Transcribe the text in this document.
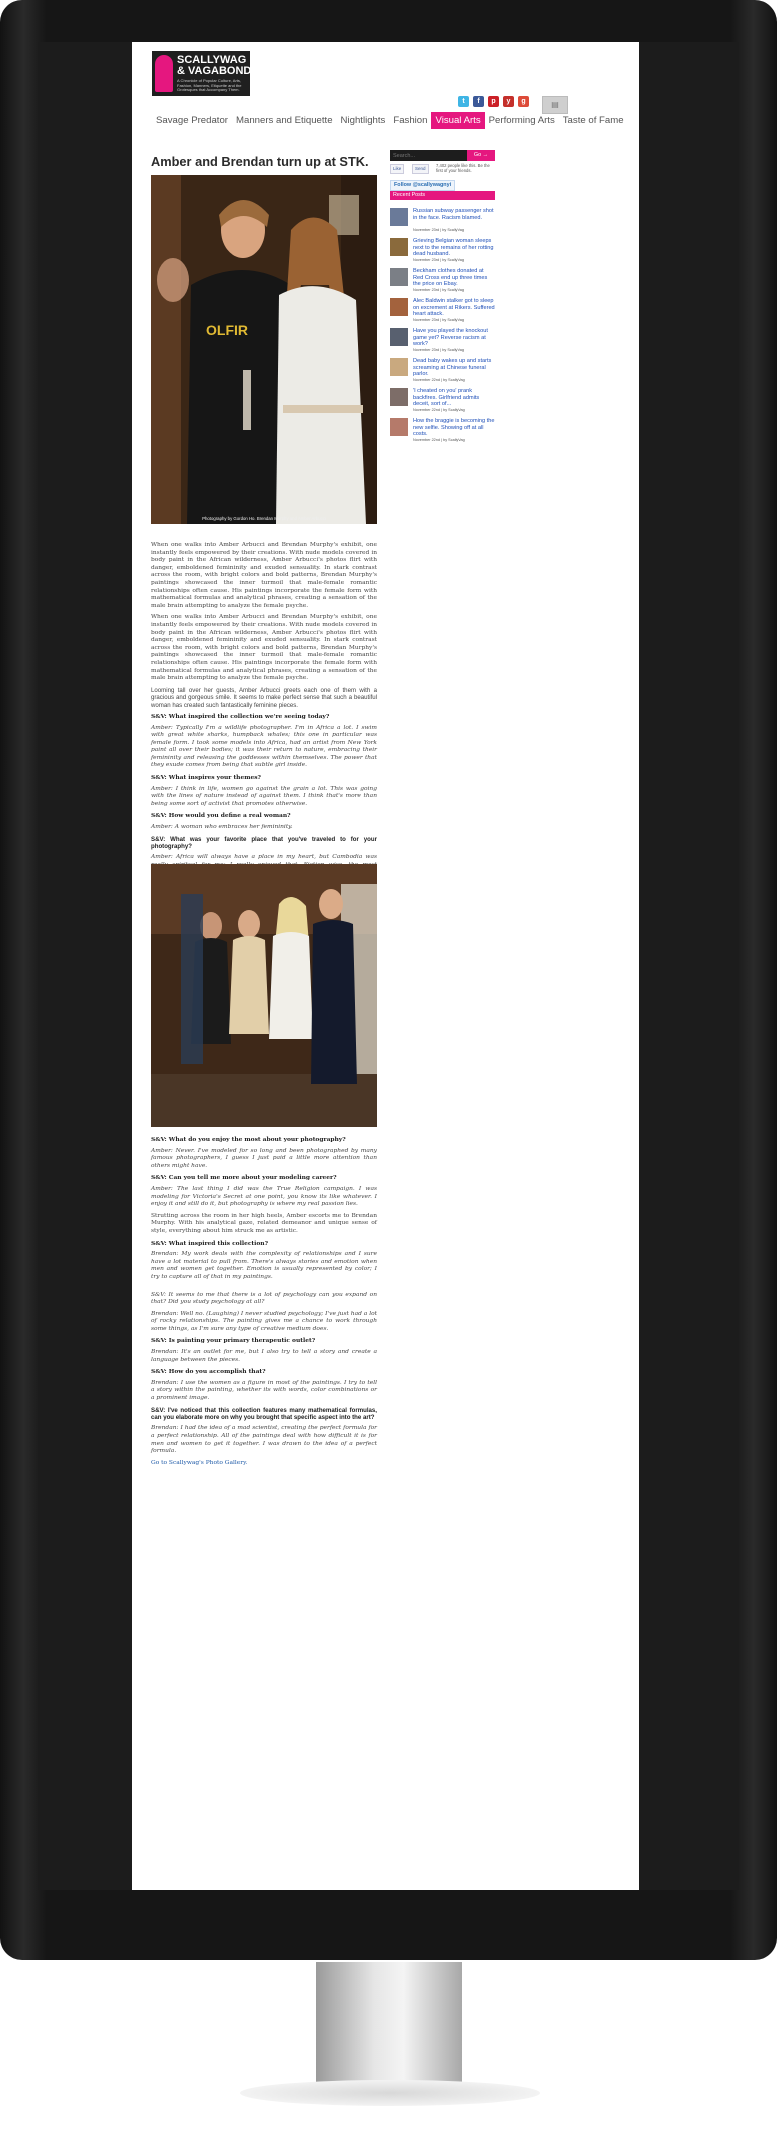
SCALLYWAG
& VAGABOND
A Chronicle of Popular Culture, Arts, Fashion, Manners, Etiquette and the Grotesques that Accompany Them.
t	f	p	y	g	▤
Savage Predator Manners and Etiquette Nightlights Fashion Visual Arts Performing Arts Taste of Fame
Amber and Brendan turn up at STK.
OLFIR
Photography by Gordon Ho. Brendan Murphy and Amber Arbucci

When one walks into Amber Arbucci and Brendan Murphy's exhibit, one instantly feels empowered by their creations. With nude models covered in body paint in the African wilderness, Amber Arbucci's photos flirt with danger, emboldened femininity and exuded sensuality. In stark contrast across the room, with bright colors and bold patterns, Brendan Murphy's paintings showcased the inner turmoil that male-female romantic relationships often cause. His paintings incorporate the female form with mathematical formulas and analytical phrases, creating a sensation of the male brain attempting to analyze the female psyche.

When one walks into Amber Arbucci and Brendan Murphy's exhibit, one instantly feels empowered by their creations. With nude models covered in body paint in the African wilderness, Amber Arbucci's photos flirt with danger, emboldened femininity and exuded sensuality. In stark contrast across the room, with bright colors and bold patterns, Brendan Murphy's paintings showcased the inner turmoil that male-female romantic relationships often cause. His paintings incorporate the female form with mathematical formulas and analytical phrases, creating a sensation of the male brain attempting to analyze the female psyche.

Looming tall over her guests, Amber Arbucci greets each one of them with a gracious and gorgeous smile. It seems to make perfect sense that such a beautiful woman has created such fantastically feminine pieces.

S&V: What inspired the collection we're seeing today?

Amber: Typically I'm a wildlife photographer. I'm in Africa a lot. I swim with great white sharks, humpback whales; this one in particular was female form. I took some models into Africa, had an artist from New York paint all over their bodies; it was their return to nature, embracing their femininity and releasing the goddesses within themselves. The power that they exude comes from being that subtle girl inside.

S&V: What inspires your themes?

Amber: I think in life, women go against the grain a lot. This was going with the lines of nature instead of against them. I think that's more than being some sort of activist that promotes otherwise.

S&V: How would you define a real woman?

Amber: A woman who embraces her femininity.

S&V: What was your favorite place that you've traveled to for your photography?

Amber: Africa will always have a place in my heart, but Cambodia was

S&V: What do you enjoy the most about your photography?

Amber: Never. I've modeled for so long and been photographed by many famous photographers, I guess I just paid a little more attention than others might have.

S&V: Can you tell me more about your modeling career?

Amber: The last thing I did was the True Religion campaign. I was modeling for Victoria's Secret at one point, you know its like whatever. I enjoy it and still do it, but photography is where my real passion lies.

Strutting across the room in her high heels, Amber escorts me to Brendan Murphy. With his analytical gaze, related demeanor and unique sense of style, everything about him struck me as artistic.

S&V: What inspired this collection?

Brendan: My work deals with the complexity of relationships and I sure have a lot material to pull from. There's always stories and emotion when men and women get together. Emotion is usually represented by color; I try to capture all of that in my paintings.

S&V: It seems to me that there is a lot of psychology can you expand on that? Did you study psychology at all?

Brendan: Well no. (Laughing) I never studied psychology; I've just had a lot of rocky relationships. The painting gives me a chance to work through some things, as I'm sure any type of creative medium does.

S&V: Is painting your primary therapeutic outlet?

Brendan: It's an outlet for me, but I also try to tell a story and create a language between the pieces.

S&V: How do you accomplish that?

Brendan: I use the women as a figure in most of the paintings. I try to tell a story within the painting, whether its with words, color combinations or a prominent image.

S&V: I've noticed that this collection features many mathematical formulas, can you elaborate more on why you brought that specific aspect into the art?

Brendan: I had the idea of a mad scientist, creating the perfect formula for a perfect relationship. All of the paintings deal with how difficult it is for men and women to get it together. I was drawn to the idea of a perfect formula.

Go to Scallywag's Photo Gallery.

Search...
Go →
Like	Send
7,402 people like this. Be the first of your friends.
Follow @scallywagnyi
Recent Posts
Russian subway passenger shot in the face. Racism blamed.
November 23rd | by ScallyVag
Grieving Belgian woman sleeps next to the remains of her rotting dead husband.
November 23rd | by ScallyVag
Beckham clothes donated at Red Cross end up three times the price on Ebay.
November 23rd | by ScallyVag
Alec Baldwin stalker got to sleep on excrement at Rikers. Suffered heart attack.
November 23rd | by ScallyVag
Have you played the knockout game yet? Reverse racism at work?
November 23rd | by ScallyVag
Dead baby wakes up and starts screaming at Chinese funeral parlor.
November 22nd | by ScallyVag
'I cheated on you' prank backfires. Girlfriend admits deceit, sort of...
November 22nd | by ScallyVag
How the braggie is becoming the new selfie. Showing off at all costs.
November 22nd | by ScallyVag
